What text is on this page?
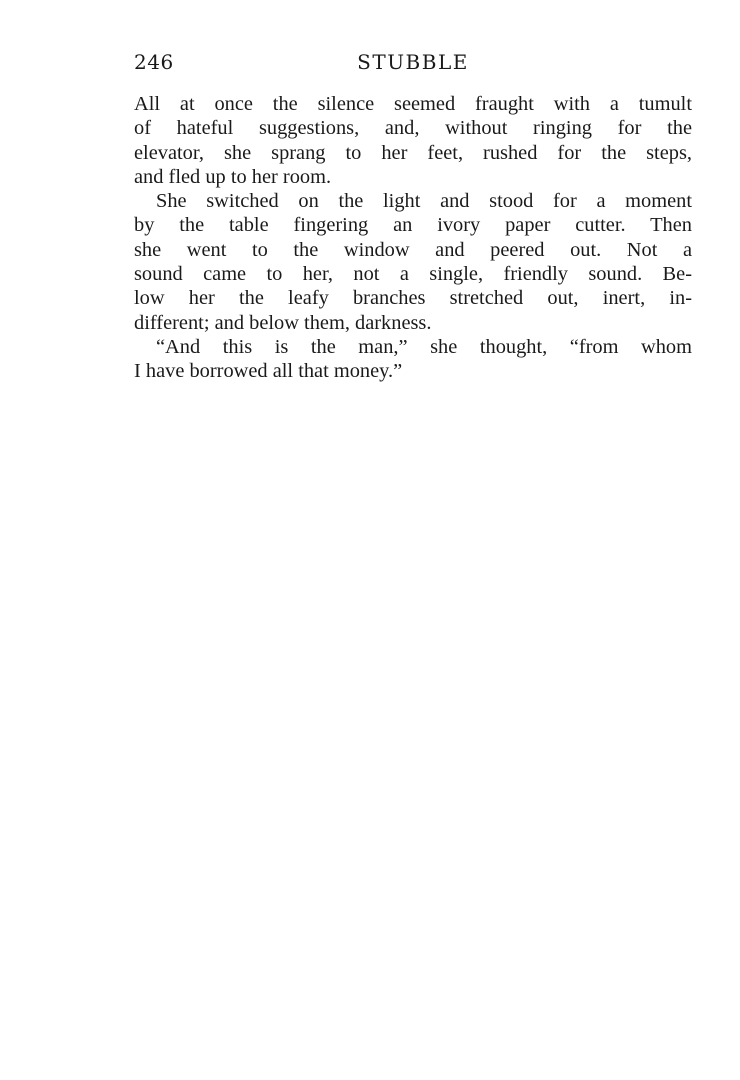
246	STUBBLE

All at once the silence seemed fraught with a tumult
of hateful suggestions, and, without ringing for the
elevator, she sprang to her feet, rushed for the steps,
and fled up to her room.

She switched on the light and stood for a moment
by the table fingering an ivory paper cutter. Then
she went to the window and peered out. Not a
sound came to her, not a single, friendly sound. Be-
low her the leafy branches stretched out, inert, in-
different; and below them, darkness.

“And this is the man,” she thought, “from whom
I have borrowed all that money.”
